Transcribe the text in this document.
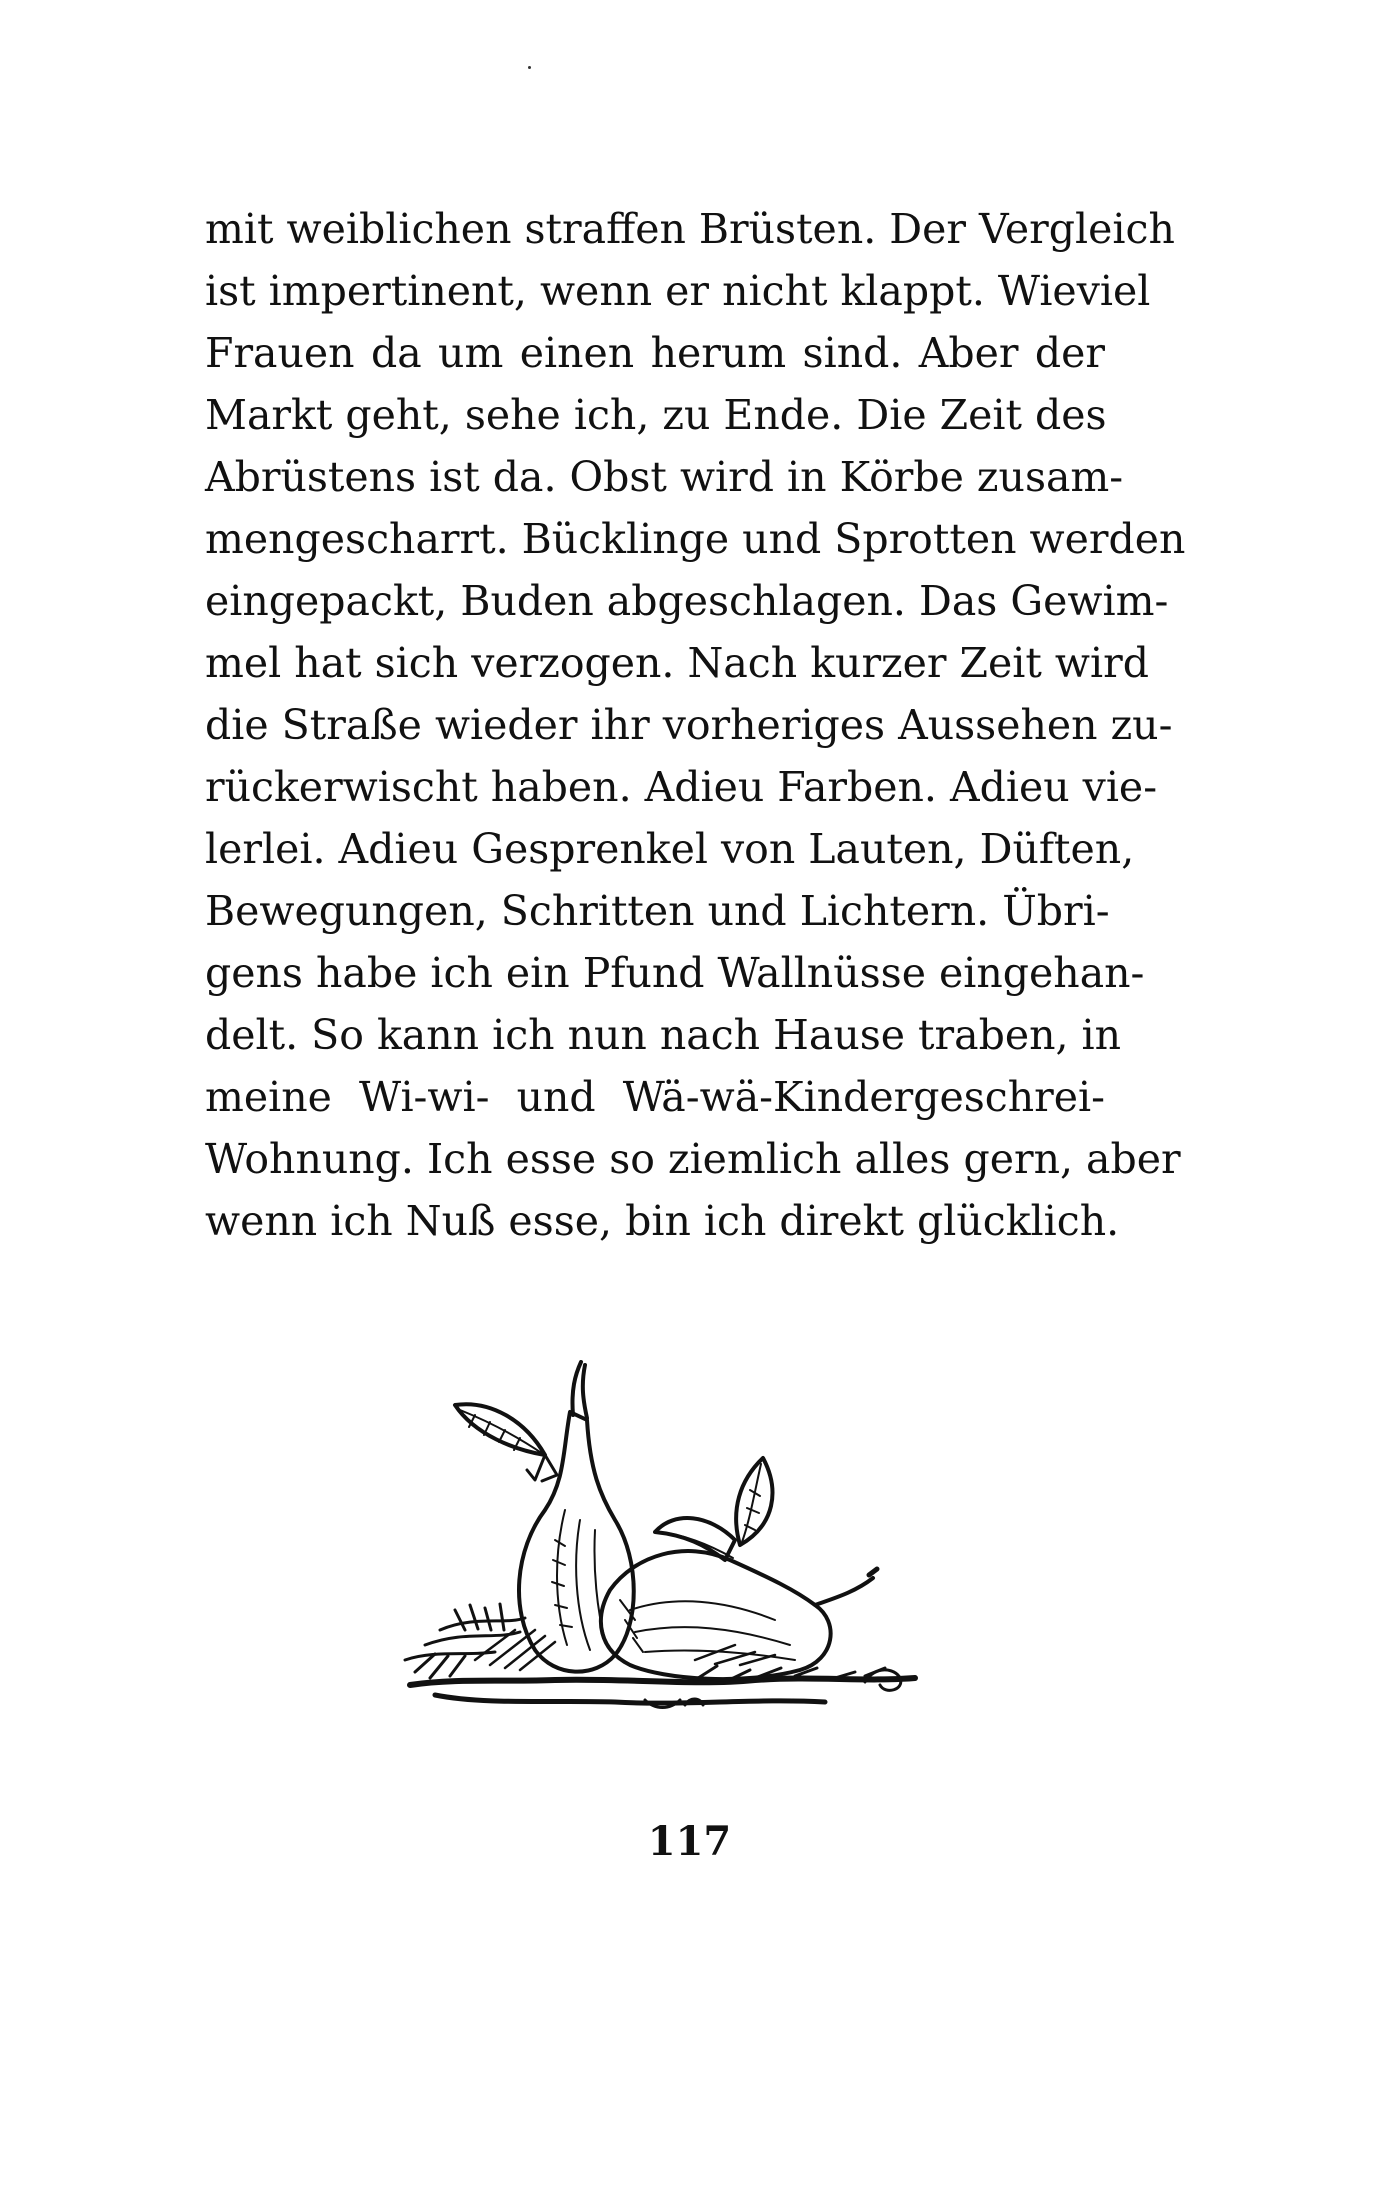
mit weiblichen straffen Brüsten. Der Vergleich
ist impertinent, wenn er nicht klappt. Wieviel
Frauen da um einen herum sind. Aber der
Markt geht, sehe ich, zu Ende. Die Zeit des
Abrüstens ist da. Obst wird in Körbe zusam-
mengescharrt. Bücklinge und Sprotten werden
eingepackt, Buden abgeschlagen. Das Gewim-
mel hat sich verzogen. Nach kurzer Zeit wird
die Straße wieder ihr vorheriges Aussehen zu-
rückerwischt haben. Adieu Farben. Adieu vie-
lerlei. Adieu Gesprenkel von Lauten, Düften,
Bewegungen, Schritten und Lichtern. Übri-
gens habe ich ein Pfund Wallnüsse eingehan-
delt. So kann ich nun nach Hause traben, in
meine Wi-wi- und Wä-wä-Kindergeschrei-
Wohnung. Ich esse so ziemlich alles gern, aber
wenn ich Nuß esse, bin ich direkt glücklich.
117
